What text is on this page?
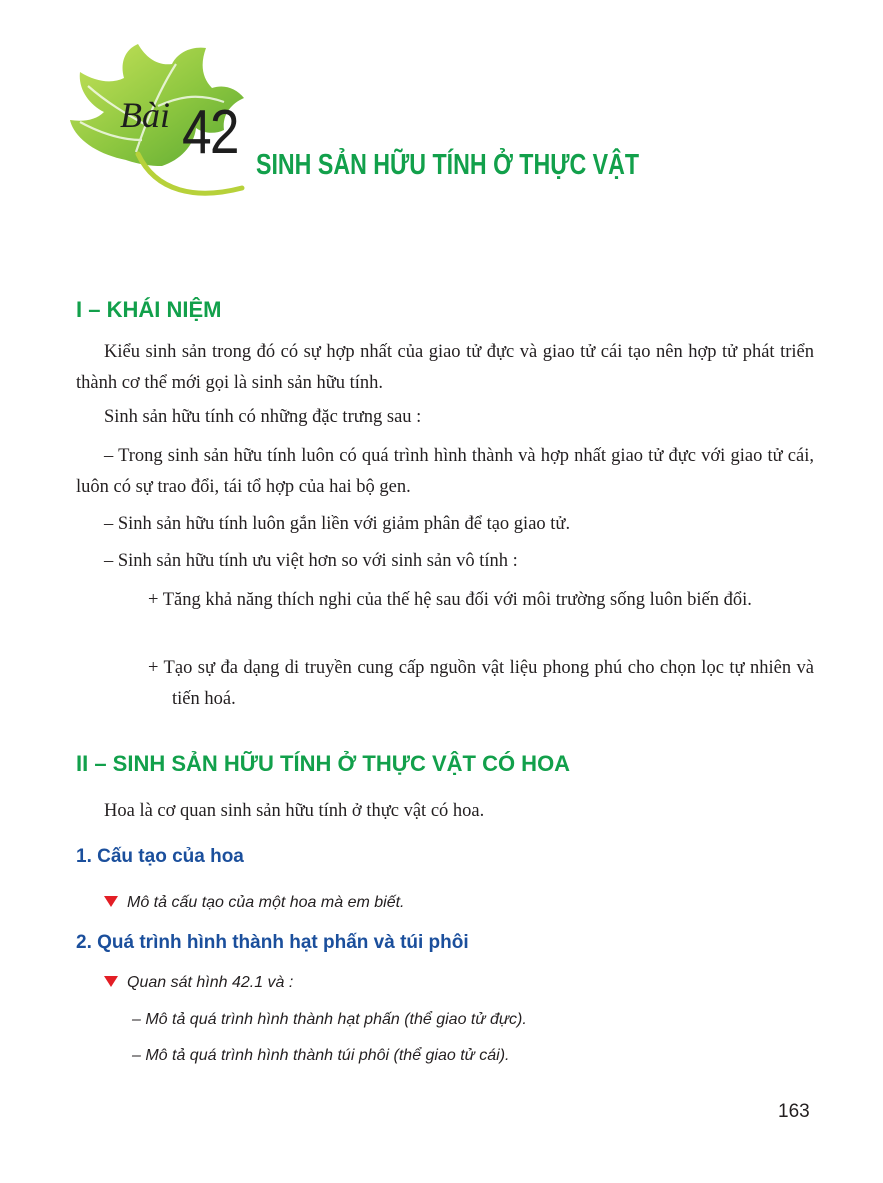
Bài 42 SINH SẢN HỮU TÍNH Ở THỰC VẬT
I – KHÁI NIỆM
Kiểu sinh sản trong đó có sự hợp nhất của giao tử đực và giao tử cái tạo nên hợp tử phát triển thành cơ thể mới gọi là sinh sản hữu tính.
Sinh sản hữu tính có những đặc trưng sau :
– Trong sinh sản hữu tính luôn có quá trình hình thành và hợp nhất giao tử đực với giao tử cái, luôn có sự trao đổi, tái tổ hợp của hai bộ gen.
– Sinh sản hữu tính luôn gắn liền với giảm phân để tạo giao tử.
– Sinh sản hữu tính ưu việt hơn so với sinh sản vô tính :
+ Tăng khả năng thích nghi của thế hệ sau đối với môi trường sống luôn biến đổi.
+ Tạo sự đa dạng di truyền cung cấp nguồn vật liệu phong phú cho chọn lọc tự nhiên và tiến hoá.
II – SINH SẢN HỮU TÍNH Ở THỰC VẬT CÓ HOA
Hoa là cơ quan sinh sản hữu tính ở thực vật có hoa.
1. Cấu tạo của hoa
Mô tả cấu tạo của một hoa mà em biết.
2. Quá trình hình thành hạt phấn và túi phôi
Quan sát hình 42.1 và :
– Mô tả quá trình hình thành hạt phấn (thể giao tử đực).
– Mô tả quá trình hình thành túi phôi (thể giao tử cái).
163
